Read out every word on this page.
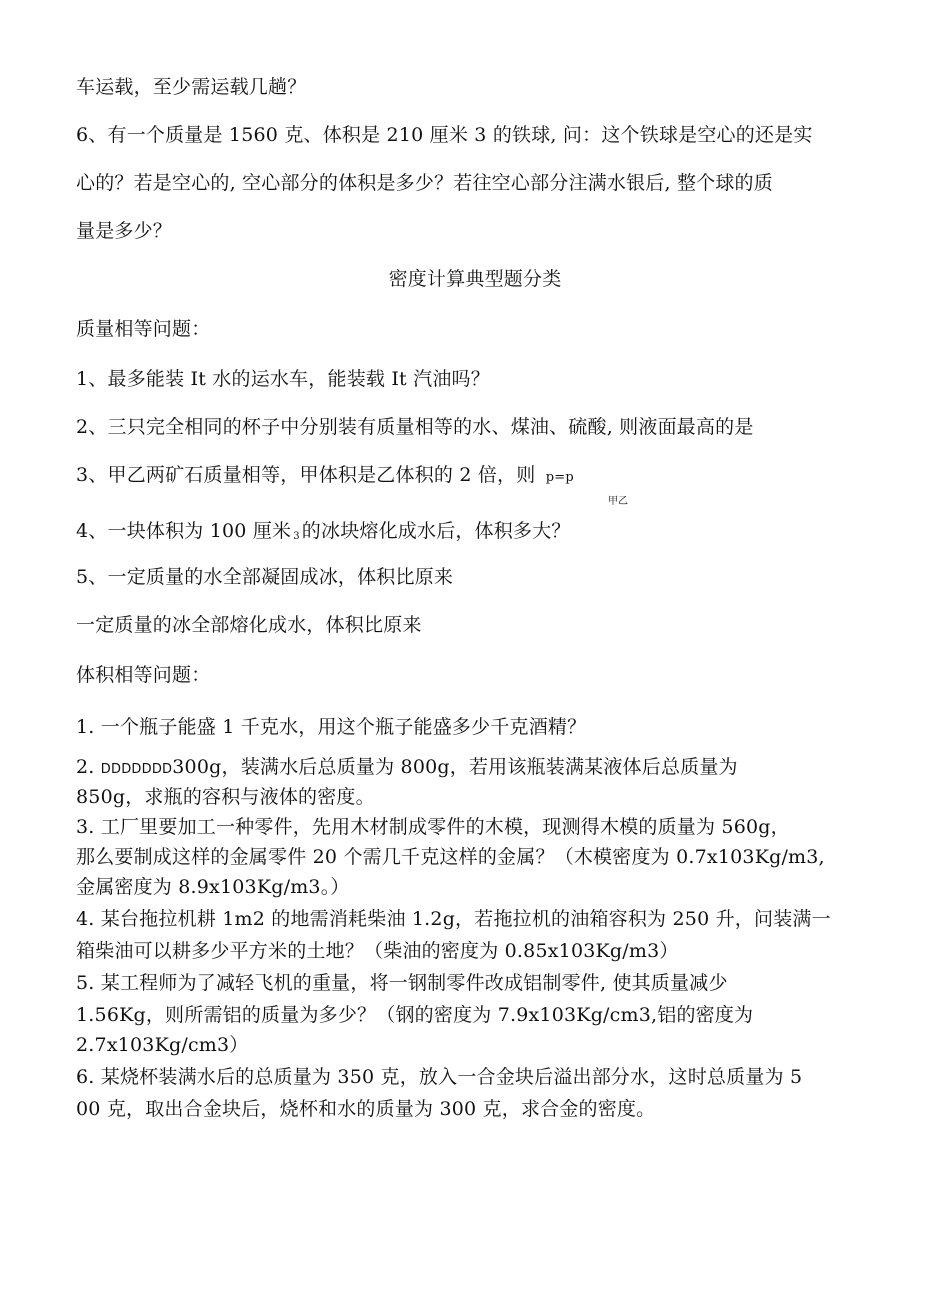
车运载，至少需运载几趟？
6、有一个质量是 1560 克、体积是 210 厘米 3 的铁球, 问：这个铁球是空心的还是实
心的？若是空心的, 空心部分的体积是多少？若往空心部分注满水银后, 整个球的质
量是多少？
密度计算典型题分类
质量相等问题：
1、最多能装 It 水的运水车，能装载 It 汽油吗？
2、三只完全相同的杯子中分别装有质量相等的水、煤油、硫酸, 则液面最高的是
3、甲乙两矿石质量相等，甲体积是乙体积的 2 倍，则 p=p
甲乙
4、一块体积为 100 厘米 3 的冰块熔化成水后，体积多大？
5、一定质量的水全部凝固成冰，体积比原来
一定质量的冰全部熔化成水，体积比原来
体积相等问题：
1. 一个瓶子能盛 1 千克水，用这个瓶子能盛多少千克酒精？
2. DDDDDDD300g，装满水后总质量为 800g，若用该瓶装满某液体后总质量为
850g，求瓶的容积与液体的密度。
3. 工厂里要加工一种零件，先用木材制成零件的木模，现测得木模的质量为 560g，
那么要制成这样的金属零件 20 个需几千克这样的金属？（木模密度为 0.7x103Kg/m3,
金属密度为 8.9x103Kg/m3。）
4. 某台拖拉机耕 1m2 的地需消耗柴油 1.2g，若拖拉机的油箱容积为 250 升，问装满一
箱柴油可以耕多少平方米的土地？（柴油的密度为 0.85x103Kg/m3）
5. 某工程师为了减轻飞机的重量，将一钢制零件改成铝制零件, 使其质量减少
1.56Kg，则所需铝的质量为多少？（钢的密度为 7.9x103Kg/cm3,铝的密度为
2.7x103Kg/cm3）
6. 某烧杯装满水后的总质量为 350 克，放入一合金块后溢出部分水，这时总质量为 5
00 克，取出合金块后，烧杯和水的质量为 300 克，求合金的密度。
